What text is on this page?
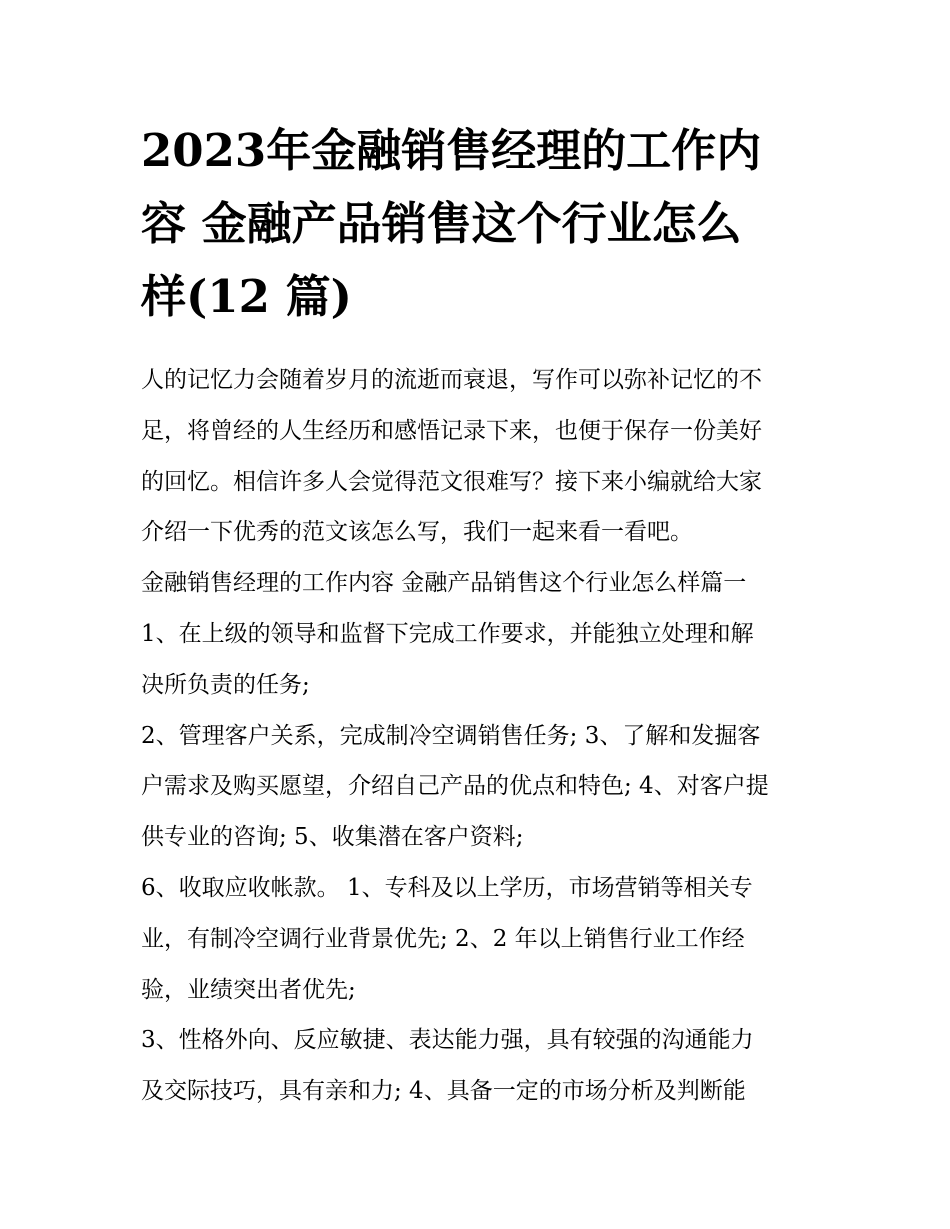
2023年金融销售经理的工作内
容 金融产品销售这个行业怎么
样(12 篇)
人的记忆力会随着岁月的流逝而衰退，写作可以弥补记忆的不
足，将曾经的人生经历和感悟记录下来，也便于保存一份美好
的回忆。相信许多人会觉得范文很难写？接下来小编就给大家
介绍一下优秀的范文该怎么写，我们一起来看一看吧。
金融销售经理的工作内容 金融产品销售这个行业怎么样篇一
1、在上级的领导和监督下完成工作要求，并能独立处理和解
决所负责的任务;
2、管理客户关系，完成制冷空调销售任务; 3、了解和发掘客
户需求及购买愿望，介绍自己产品的优点和特色; 4、对客户提
供专业的咨询; 5、收集潜在客户资料;
6、收取应收帐款。 1、专科及以上学历，市场营销等相关专
业，有制冷空调行业背景优先; 2、2 年以上销售行业工作经
验，业绩突出者优先;
3、性格外向、反应敏捷、表达能力强，具有较强的沟通能力
及交际技巧，具有亲和力; 4、具备一定的市场分析及判断能
